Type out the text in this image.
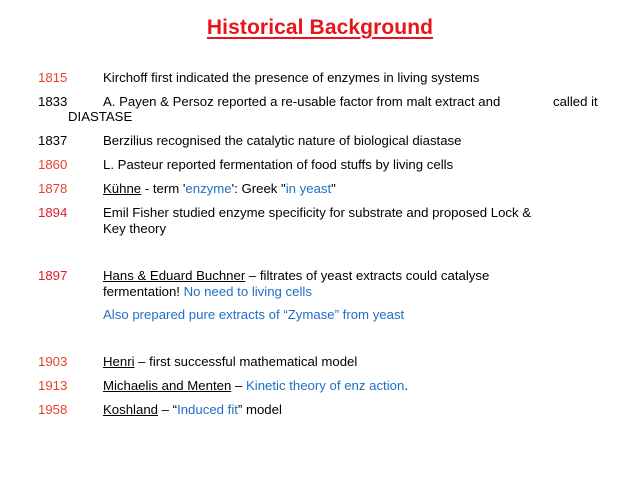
Historical Background
1815	Kirchoff first indicated the presence of enzymes in living systems
1833	A. Payen & Persoz reported a re-usable factor from malt extract and	called it
DIASTASE
1837	Berzilius recognised the catalytic nature of biological diastase
1860	L. Pasteur reported fermentation of food stuffs by living cells
1878	Kühne - term 'enzyme': Greek "in yeast"
1894	Emil Fisher studied enzyme specificity for substrate and proposed Lock &
Key theory
1897	Hans & Eduard Buchner – filtrates of yeast extracts could catalyse
fermentation! No need to living cells
Also prepared pure extracts of “Zymase” from yeast
1903	Henri – first successful mathematical model
1913	Michaelis and Menten – Kinetic theory of enz action.
1958	Koshland – “Induced fit” model
